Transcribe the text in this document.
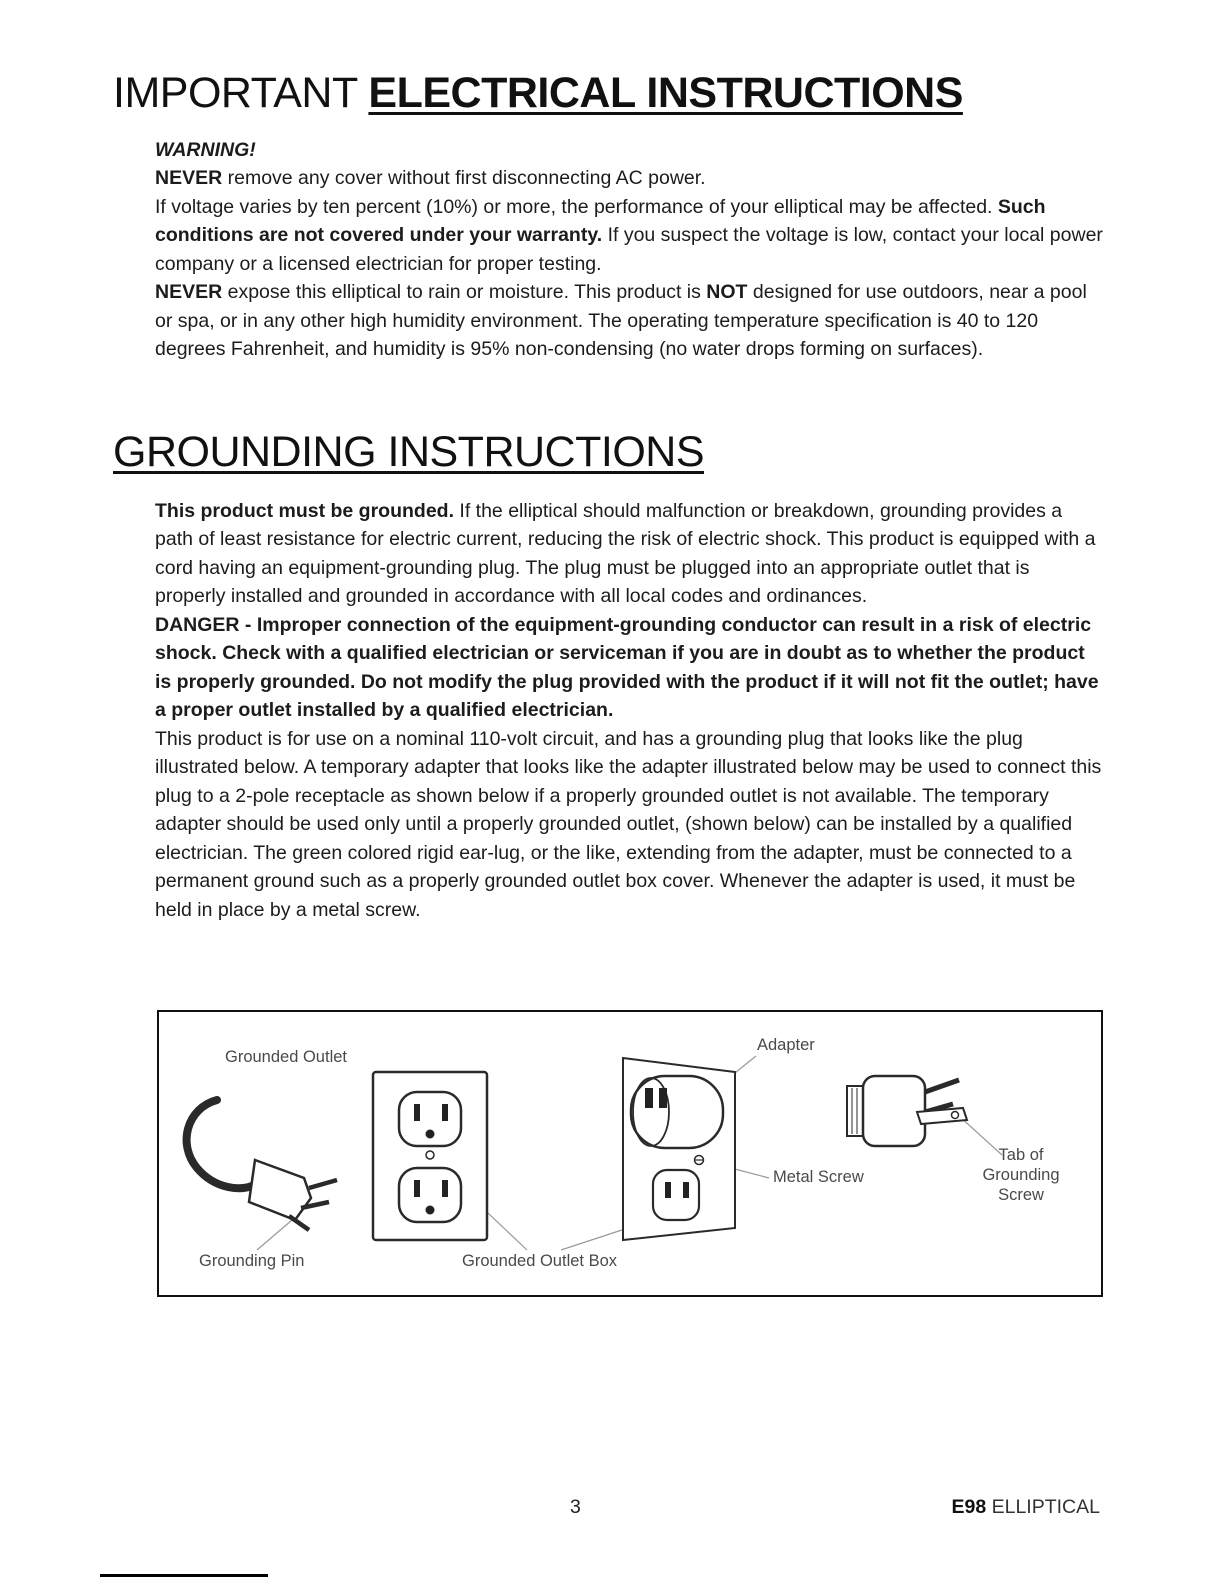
IMPORTANT ELECTRICAL INSTRUCTIONS

WARNING!

NEVER remove any cover without first disconnecting AC power.

If voltage varies by ten percent (10%) or more, the performance of your elliptical may be affected. Such conditions are not covered under your warranty. If you suspect the voltage is low, contact your local power company or a licensed electrician for proper testing.

NEVER expose this elliptical to rain or moisture. This product is NOT designed for use outdoors, near a pool or spa, or in any other high humidity environment. The operating temperature specification is 40 to 120 degrees Fahrenheit, and humidity is 95% non-condensing (no water drops forming on surfaces).

GROUNDING INSTRUCTIONS

This product must be grounded. If the elliptical should malfunction or breakdown, grounding provides a path of least resistance for electric current, reducing the risk of electric shock. This product is equipped with a cord having an equipment-grounding plug. The plug must be plugged into an appropriate outlet that is properly installed and grounded in accordance with all local codes and ordinances.

DANGER - Improper connection of the equipment-grounding conductor can result in a risk of electric shock. Check with a qualified electrician or serviceman if you are in doubt as to whether the product is properly grounded. Do not modify the plug provided with the product if it will not fit the outlet; have a proper outlet installed by a qualified electrician.

This product is for use on a nominal 110-volt circuit, and has a grounding plug that looks like the plug illustrated below. A temporary adapter that looks like the adapter illustrated below may be used to connect this plug to a 2-pole receptacle as shown below if a properly grounded outlet is not available. The temporary adapter should be used only until a properly grounded outlet, (shown below) can be installed by a qualified electrician. The green colored rigid ear-lug, or the like, extending from the adapter, must be connected to a permanent ground such as a properly grounded outlet box cover. Whenever the adapter is used, it must be held in place by a metal screw.

Grounded Outlet
Adapter
Metal Screw
Tab of
Grounding
Screw
Grounding Pin	Grounded Outlet Box
3	E98 ELLIPTICAL
